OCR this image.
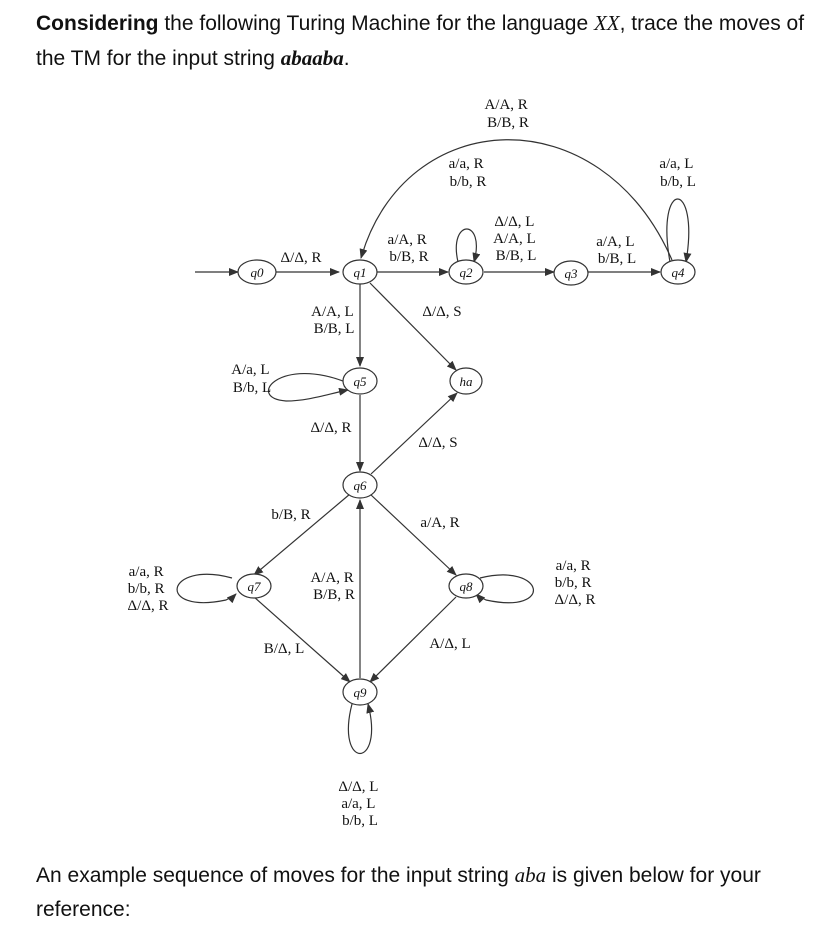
Considering the following Turing Machine for the language XX, trace the moves of the TM for the input string abaaba.
q0	q1	q2	q3	q4
q5	ha
q6
q7	q8
q9
A/A, R B/B, R
a/a, R b/b, R
a/a, L b/b, L
Δ/Δ, L A/A, L B/B, L
a/A, R b/B, R
a/A, L b/B, L
Δ/Δ, R
A/A, L B/B, L
Δ/Δ, S
A/a, L B/b, L
Δ/Δ, R
Δ/Δ, S
b/B, R	a/A, R
a/a, R b/b, R Δ/Δ, R
A/A, R B/B, R
a/a, R b/b, R Δ/Δ, R
B/Δ, L	A/Δ, L
Δ/Δ, L a/a, L b/b, L
An example sequence of moves for the input string aba is given below for your reference:
